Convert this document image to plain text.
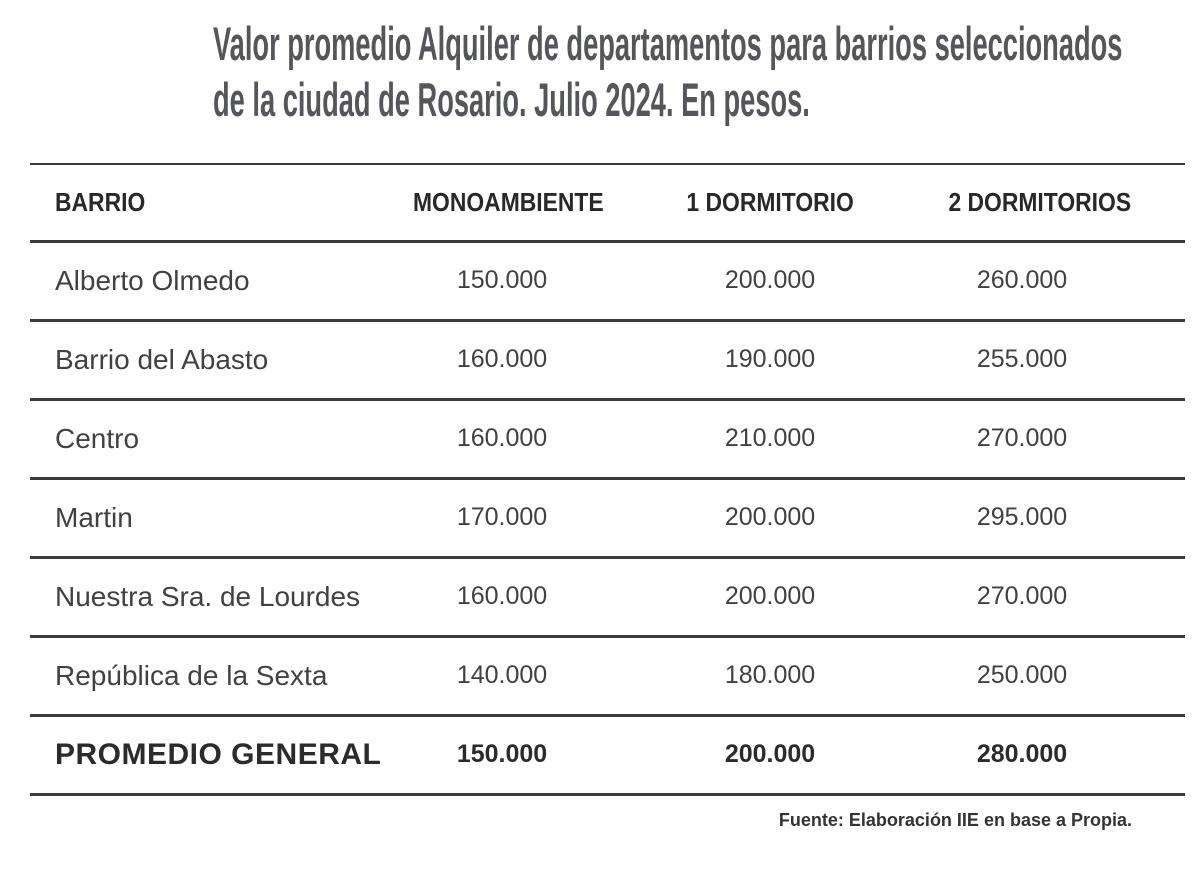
Valor promedio Alquiler de departamentos para barrios seleccionados
de la ciudad de Rosario. Julio 2024. En pesos.
BARRIO	MONOAMBIENTE	1 DORMITORIO	2 DORMITORIOS
Alberto Olmedo	150.000	200.000	260.000
Barrio del Abasto	160.000	190.000	255.000
Centro	160.000	210.000	270.000
Martin	170.000	200.000	295.000
Nuestra Sra. de Lourdes	160.000	200.000	270.000
República de la Sexta	140.000	180.000	250.000
PROMEDIO GENERAL	150.000	200.000	280.000
Fuente: Elaboración IIE en base a Propia.
